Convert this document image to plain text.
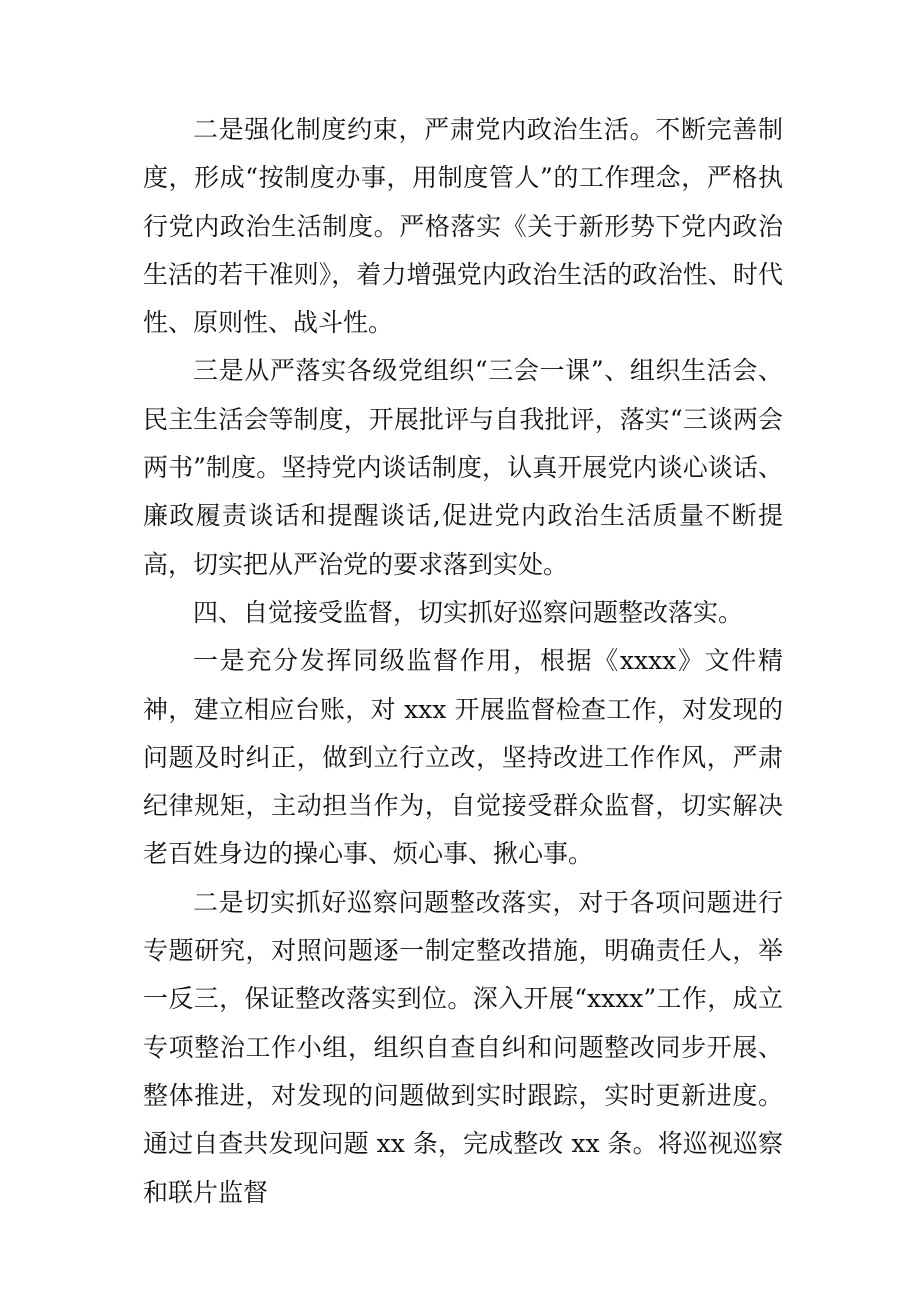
二是强化制度约束，严肃党内政治生活。不断完善制度，形成“按制度办事，用制度管人”的工作理念，严格执行党内政治生活制度。严格落实《关于新形势下党内政治生活的若干准则》，着力增强党内政治生活的政治性、时代性、原则性、战斗性。

三是从严落实各级党组织“三会一课”、组织生活会、民主生活会等制度，开展批评与自我批评，落实“三谈两会两书”制度。坚持党内谈话制度，认真开展党内谈心谈话、廉政履责谈话和提醒谈话,促进党内政治生活质量不断提高，切实把从严治党的要求落到实处。

四、自觉接受监督，切实抓好巡察问题整改落实。

一是充分发挥同级监督作用，根据《xxxx》文件精神，建立相应台账，对 xxx 开展监督检查工作，对发现的问题及时纠正，做到立行立改，坚持改进工作作风，严肃纪律规矩，主动担当作为，自觉接受群众监督，切实解决老百姓身边的操心事、烦心事、揪心事。

二是切实抓好巡察问题整改落实，对于各项问题进行专题研究，对照问题逐一制定整改措施，明确责任人，举一反三，保证整改落实到位。深入开展“xxxx”工作，成立专项整治工作小组，组织自查自纠和问题整改同步开展、整体推进，对发现的问题做到实时跟踪，实时更新进度。通过自查共发现问题 xx 条，完成整改 xx 条。将巡视巡察和联片监督
